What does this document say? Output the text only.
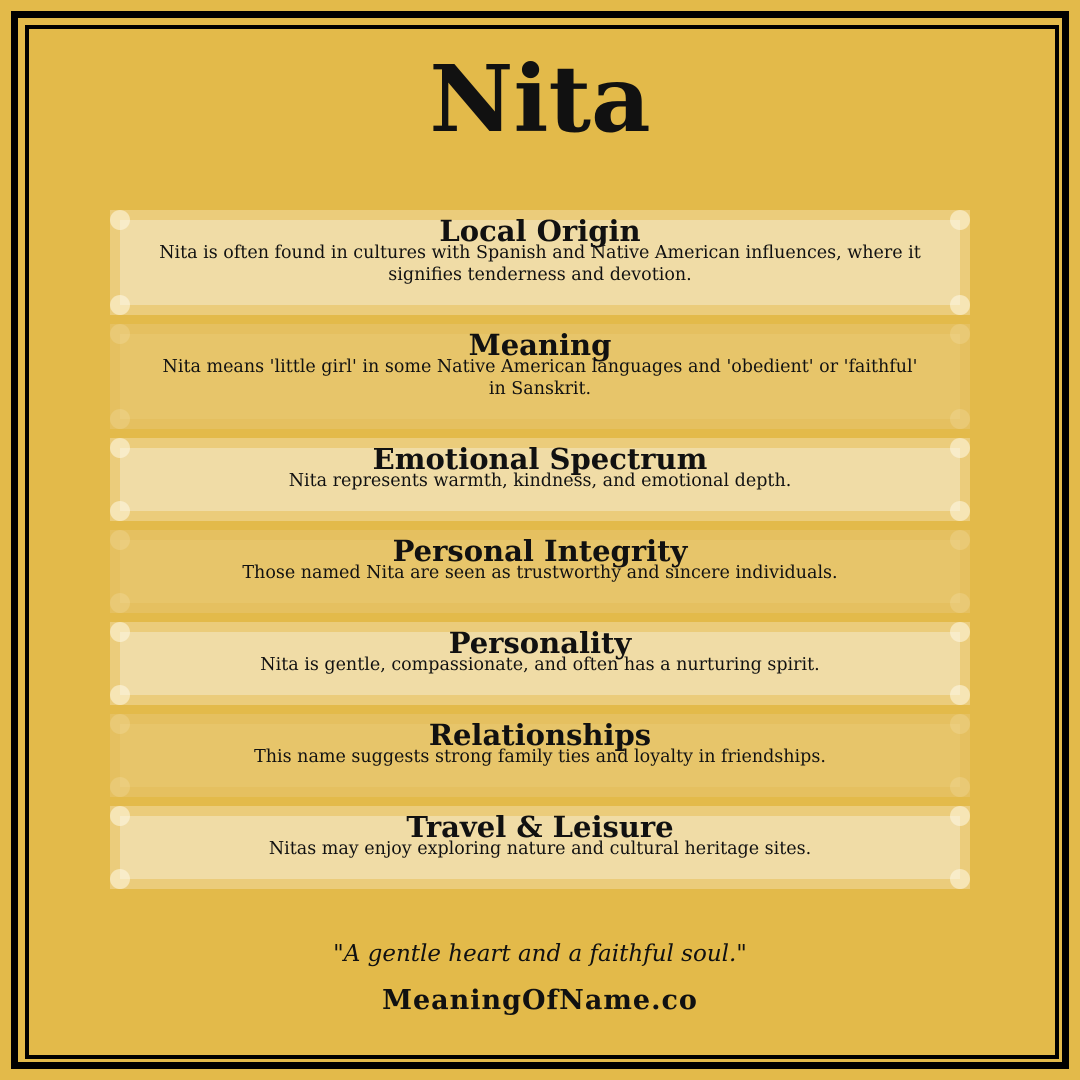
Nita
Local Origin

Nita is often found in cultures with Spanish and Native American influences, where it signifies tenderness and devotion.

Meaning

Nita means 'little girl' in some Native American languages and 'obedient' or 'faithful' in Sanskrit.

Emotional Spectrum

Nita represents warmth, kindness, and emotional depth.

Personal Integrity

Those named Nita are seen as trustworthy and sincere individuals.

Personality

Nita is gentle, compassionate, and often has a nurturing spirit.

Relationships

This name suggests strong family ties and loyalty in friendships.

Travel & Leisure

Nitas may enjoy exploring nature and cultural heritage sites.

"A gentle heart and a faithful soul."
MeaningOfName.co
